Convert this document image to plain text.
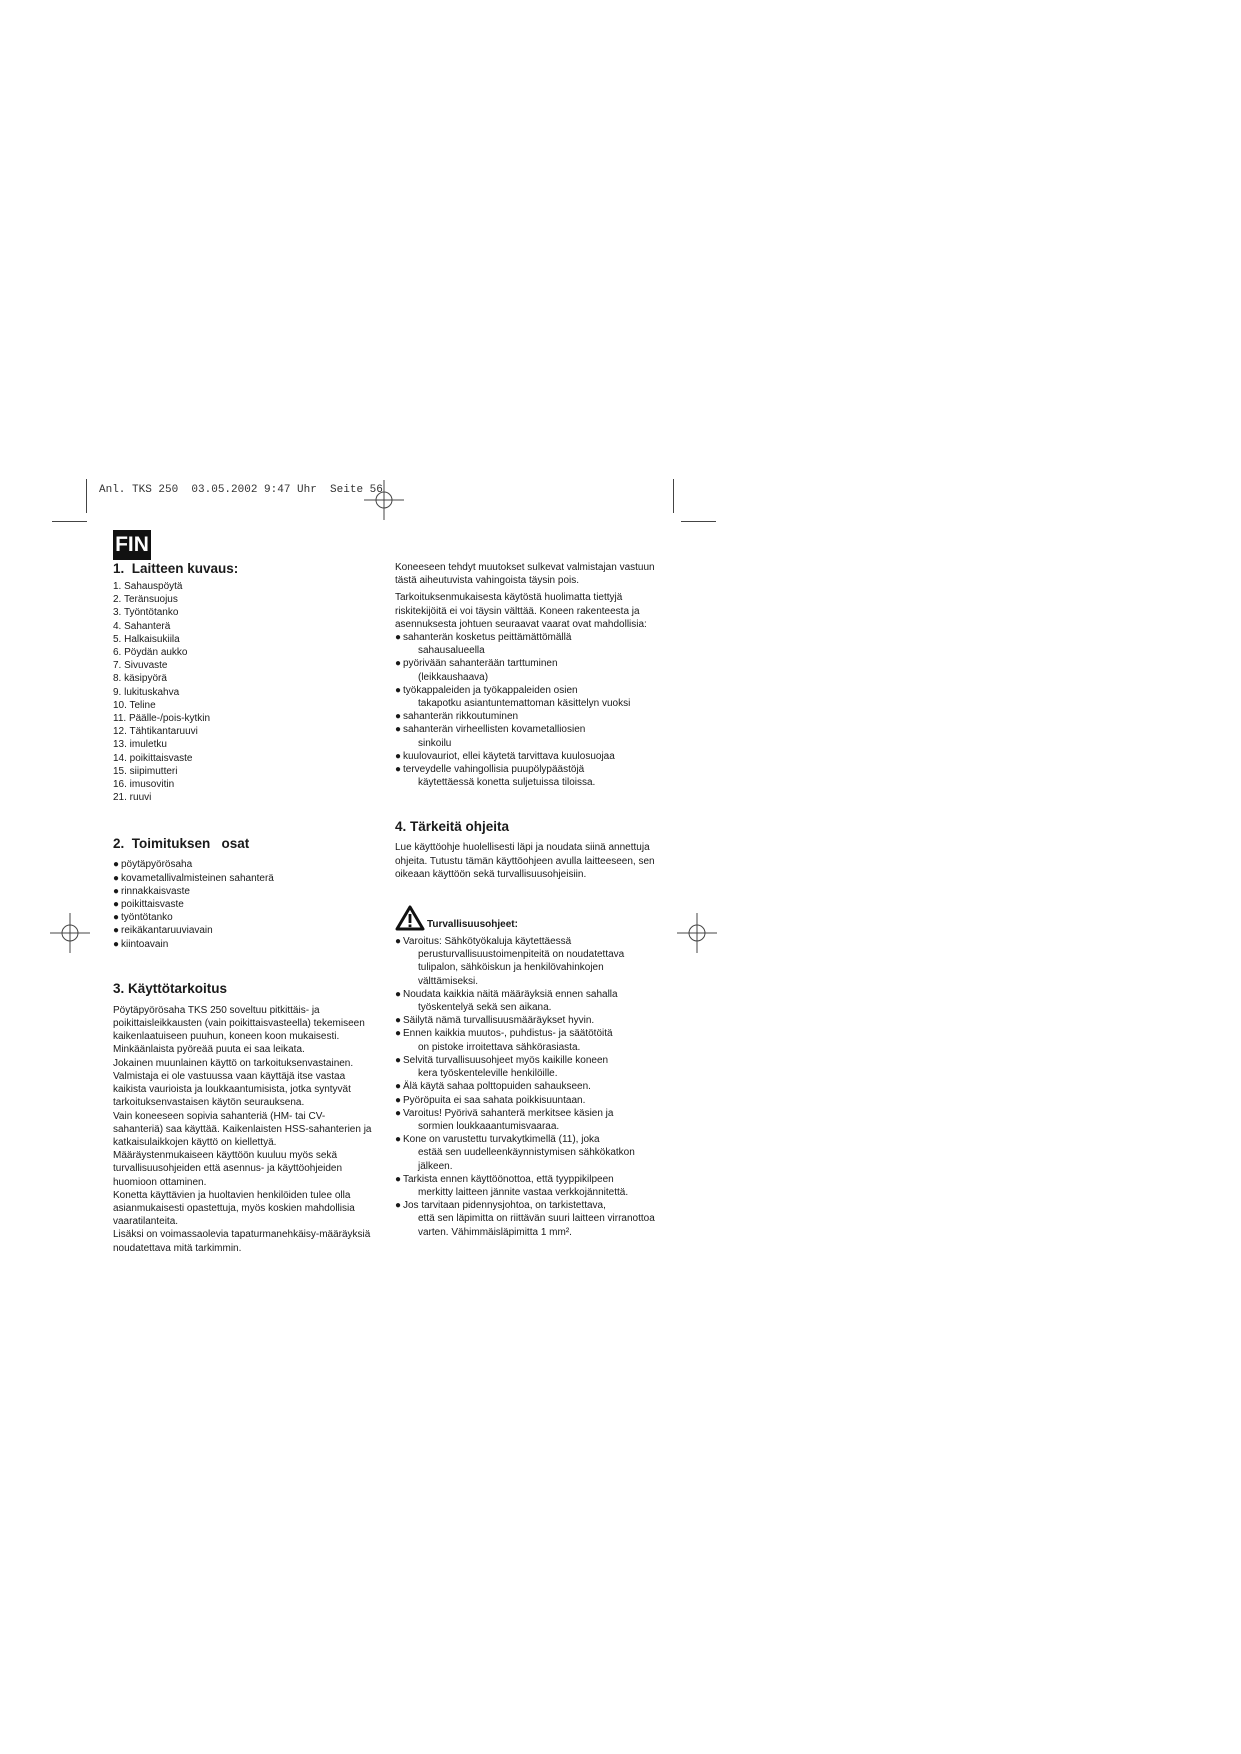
Anl. TKS 250  03.05.2002 9:47 Uhr  Seite 56
FIN
1.  Laitteen kuvaus:
1. Sahauspöytä
2. Teränsuojus
3. Työntötanko
4. Sahanterä
5. Halkaisukiila
6. Pöydän aukko
7. Sivuvaste
8. käsipyörä
9. lukituskahva
10. Teline
11. Päälle-/pois-kytkin
12. Tähtikantaruuvi
13. imuletku
14. poikittaisvaste
15. siipimutteri
16. imusovitin
21. ruuvi
2.  Toimituksen   osat
● pöytäpyörösaha
● kovametallivalmisteinen sahanterä
● rinnakkaisvaste
● poikittaisvaste
● työntötanko
● reikäkantaruuviavain
● kiintoavain
3. Käyttötarkoitus

Pöytäpyörösaha TKS 250 soveltuu pitkittäis- ja poikittaisleikkausten (vain poikittaisvasteella) tekemiseen kaikenlaatuiseen puuhun, koneen koon mukaisesti. Minkäänlaista pyöreää puuta ei saa leikata.

Jokainen muunlainen käyttö on tarkoituksenvastainen. Valmistaja ei ole vastuussa vaan käyttäjä itse vastaa kaikista vaurioista ja loukkaantumisista, jotka syntyvät tarkoituksenvastaisen käytön seurauksena.

Vain koneeseen sopivia sahanteriä (HM- tai CV-sahanteriä) saa käyttää. Kaikenlaisten HSS-sahanterien ja katkaisulaikkojen käyttö on kiellettyä.

Määräystenmukaiseen käyttöön kuuluu myös sekä turvallisuusohjeiden että asennus- ja käyttöohjeiden huomioon ottaminen.

Konetta käyttävien ja huoltavien henkilöiden tulee olla asianmukaisesti opastettuja, myös koskien mahdollisia vaaratilanteita.

Lisäksi on voimassaolevia tapaturmanehkäisy-määräyksiä noudatettava mitä tarkimmin.

Koneeseen tehdyt muutokset sulkevat valmistajan vastuun tästä aiheutuvista vahingoista täysin pois.

Tarkoituksenmukaisesta käytöstä huolimatta tiettyjä riskitekijöitä ei voi täysin välttää. Koneen rakenteesta ja asennuksesta johtuen seuraavat vaarat ovat mahdollisia:

● sahanterän kosketus peittämättömällä
sahausalueella
● pyörivään sahanterään tarttuminen
(leikkaushaava)
● työkappaleiden ja työkappaleiden osien
takapotku asiantuntemattoman käsittelyn vuoksi
● sahanterän rikkoutuminen
● sahanterän virheellisten kovametalliosien
sinkoilu
● kuulovauriot, ellei käytetä tarvittava kuulosuojaa
● terveydelle vahingollisia puupölypäästöjä
käytettäessä konetta suljetuissa tiloissa.
4. Tärkeitä ohjeita
Lue käyttöohje huolellisesti läpi ja noudata siinä annettuja ohjeita. Tutustu tämän käyttöohjeen avulla laitteeseen, sen oikeaan käyttöön sekä turvallisuusohjeisiin.
Turvallisuusohjeet:
● Varoitus: Sähkötyökaluja käytettäessä
perusturvallisuustoimenpiteitä on noudatettava tulipalon, sähköiskun ja henkilövahinkojen välttämiseksi.
● Noudata kaikkia näitä määräyksiä ennen sahalla
työskentelyä sekä sen aikana.
● Säilytä nämä turvallisuusmääräykset hyvin.
● Ennen kaikkia muutos-, puhdistus- ja säätötöitä
on pistoke irroitettava sähkörasiasta.
● Selvitä turvallisuusohjeet myös kaikille koneen
kera työskenteleville henkilöille.
● Älä käytä sahaa polttopuiden sahaukseen.
● Pyöröpuita ei saa sahata poikkisuuntaan.
● Varoitus! Pyörivä sahanterä merkitsee käsien ja
sormien loukkaaantumisvaaraa.
● Kone on varustettu turvakytkimellä (11), joka
estää sen uudelleenkäynnistymisen sähkökatkon jälkeen.
● Tarkista ennen käyttöönottoa, että tyyppikilpeen
merkitty laitteen jännite vastaa verkkojännitettä.
● Jos tarvitaan pidennysjohtoa, on tarkistettava,
että sen läpimitta on riittävän suuri laitteen virranottoa varten. Vähimmäisläpimitta 1 mm².
